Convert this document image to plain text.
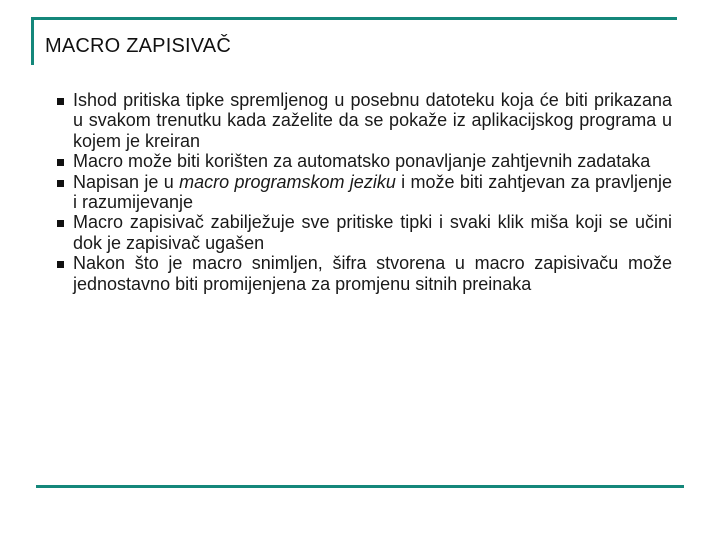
MACRO ZAPISIVAČ
Ishod pritiska tipke spremljenog u posebnu datoteku koja će biti prikazana u svakom trenutku kada zaželite da se pokaže iz aplikacijskog programa u kojem je kreiran
Macro može biti korišten za automatsko ponavljanje zahtjevnih zadataka
Napisan je u macro programskom jeziku i može biti zahtjevan za pravljenje i razumijevanje
Macro zapisivač zabilježuje sve pritiske tipki i svaki klik miša koji se učini dok je zapisivač ugašen
Nakon što je macro snimljen, šifra stvorena u macro zapisivaču može jednostavno biti promijenjena za promjenu sitnih preinaka
